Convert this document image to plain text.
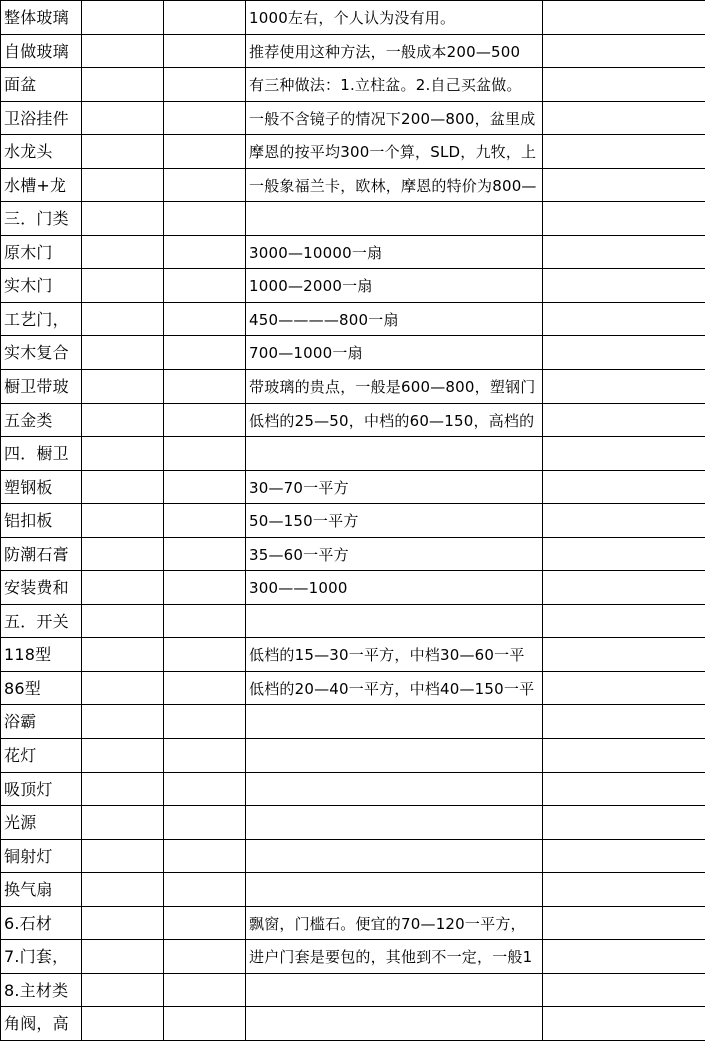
整体玻璃			1000左右，个人认为没有用。	

自做玻璃			推荐使用这种方法，一般成本200—500	

面盆			有三种做法：1.立柱盆。2.自己买盆做。	

卫浴挂件			一般不含镜子的情况下200—800，盆里成	

水龙头			摩恩的按平均300一个算，SLD，九牧，上	

水槽+龙			一般象福兰卡，欧林，摩恩的特价为800—	

三．门类				

原木门			3000—10000一扇	

实木门			1000—2000一扇	

工艺门，			450————800一扇	

实木复合			700—1000一扇	

橱卫带玻			带玻璃的贵点，一般是600—800，塑钢门	

五金类			低档的25—50，中档的60—150，高档的	

四．橱卫				

塑钢板			30—70一平方	

铝扣板			50—150一平方	

防潮石膏			35—60一平方	

安装费和			300——1000	

五．开关				

118型			低档的15—30一平方，中档30—60一平	

86型			低档的20—40一平方，中档40—150一平	

浴霸				

花灯				

吸顶灯				

光源				

铜射灯				

换气扇				

6.石材			飘窗，门槛石。便宜的70—120一平方，	

7.门套，			进户门套是要包的，其他到不一定，一般1	

8.主材类				

角阀，高				
